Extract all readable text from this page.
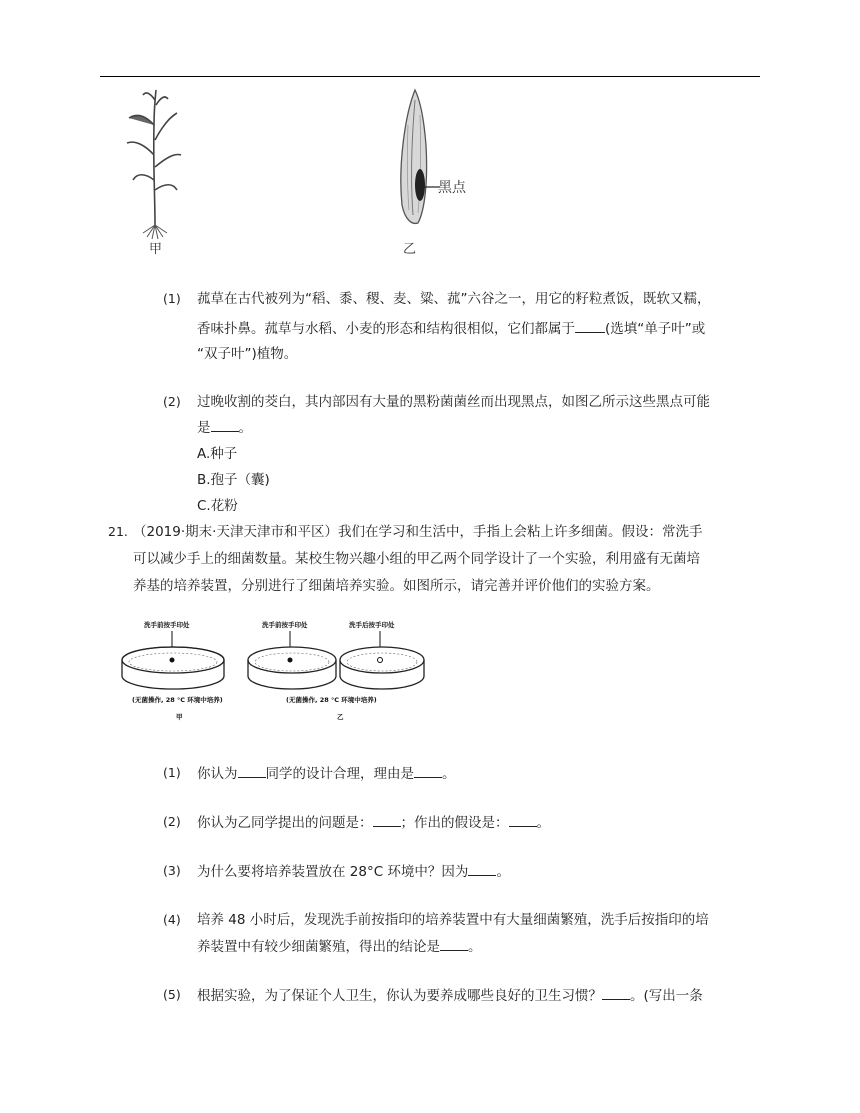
甲
黑点
乙
(1) 菰草在古代被列为“稻、黍、稷、麦、粱、菰”六谷之一，用它的籽粒煮饭，既软又糯，
香味扑鼻。菰草与水稻、小麦的形态和结构很相似，它们都属于 (选填“单子叶”或
“双子叶”)植物。
(2) 过晚收割的茭白，其内部因有大量的黑粉菌菌丝而出现黑点，如图乙所示这些黑点可能
是 。
A.种子
B.孢子（囊)
C.花粉
21. （2019·期末·天津天津市和平区）我们在学习和生活中，手指上会粘上许多细菌。假设：常洗手
可以减少手上的细菌数量。某校生物兴趣小组的甲乙两个同学设计了一个实验，利用盛有无菌培
养基的培养装置，分别进行了细菌培养实验。如图所示，请完善并评价他们的实验方案。
洗手前按手印处	洗手前按手印处	洗手后按手印处
(无菌操作, 28 °C 环境中培养)	(无菌操作, 28 °C 环境中培养)
甲	乙
(1) 你认为 同学的设计合理，理由是 。
(2) 你认为乙同学提出的问题是： ；作出的假设是： 。
(3) 为什么要将培养装置放在 28°C 环境中？因为 。
(4) 培养 48 小时后，发现洗手前按指印的培养装置中有大量细菌繁殖，洗手后按指印的培
养装置中有较少细菌繁殖，得出的结论是 。
(5) 根据实验，为了保证个人卫生，你认为要养成哪些良好的卫生习惯？ 。(写出一条
